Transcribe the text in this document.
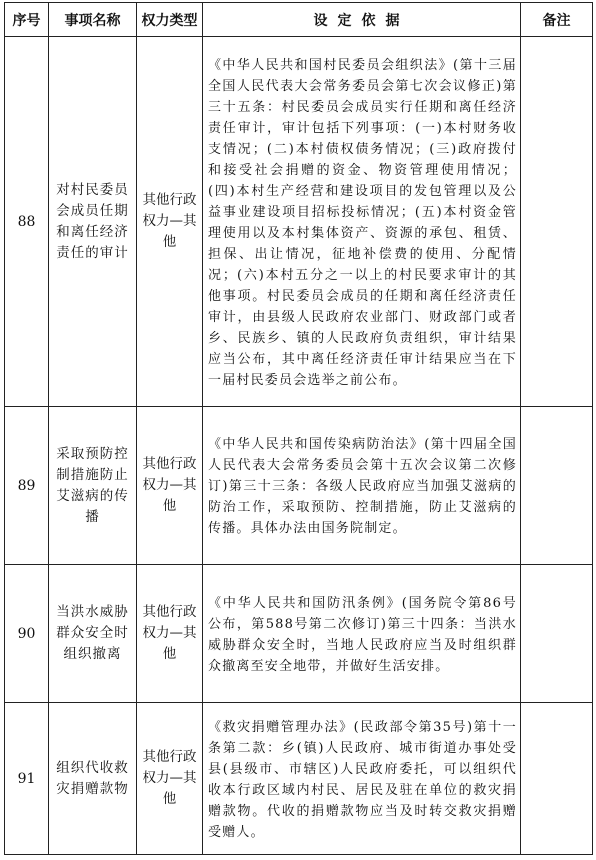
序号	事项名称	权力类型	设定依据	备注
88	对村民委员会成员任期和离任经济责任的审计	其他行政权力—其他	《中华人民共和国村民委员会组织法》(第十三届全国人民代表大会常务委员会第七次会议修正)第三十五条：村民委员会成员实行任期和离任经济责任审计，审计包括下列事项：(一)本村财务收支情况；(二)本村债权债务情况；(三)政府拨付和接受社会捐赠的资金、物资管理使用情况；(四)本村生产经营和建设项目的发包管理以及公益事业建设项目招标投标情况；(五)本村资金管理使用以及本村集体资产、资源的承包、租赁、担保、出让情况，征地补偿费的使用、分配情况；(六)本村五分之一以上的村民要求审计的其他事项。村民委员会成员的任期和离任经济责任审计，由县级人民政府农业部门、财政部门或者乡、民族乡、镇的人民政府负责组织，审计结果应当公布，其中离任经济责任审计结果应当在下一届村民委员会选举之前公布。	
89	采取预防控制措施防止艾滋病的传播	其他行政权力—其他	《中华人民共和国传染病防治法》(第十四届全国人民代表大会常务委员会第十五次会议第二次修订)第三十三条：各级人民政府应当加强艾滋病的防治工作，采取预防、控制措施，防止艾滋病的传播。具体办法由国务院制定。	
90	当洪水威胁群众安全时组织撤离	其他行政权力—其他	《中华人民共和国防汛条例》(国务院令第86号公布，第588号第二次修订)第三十四条：当洪水威胁群众安全时，当地人民政府应当及时组织群众撤离至安全地带，并做好生活安排。	
91	组织代收救灾捐赠款物	其他行政权力—其他	《救灾捐赠管理办法》(民政部令第35号)第十一条第二款：乡(镇)人民政府、城市街道办事处受县(县级市、市辖区)人民政府委托，可以组织代收本行政区域内村民、居民及驻在单位的救灾捐赠款物。代收的捐赠款物应当及时转交救灾捐赠受赠人。	
